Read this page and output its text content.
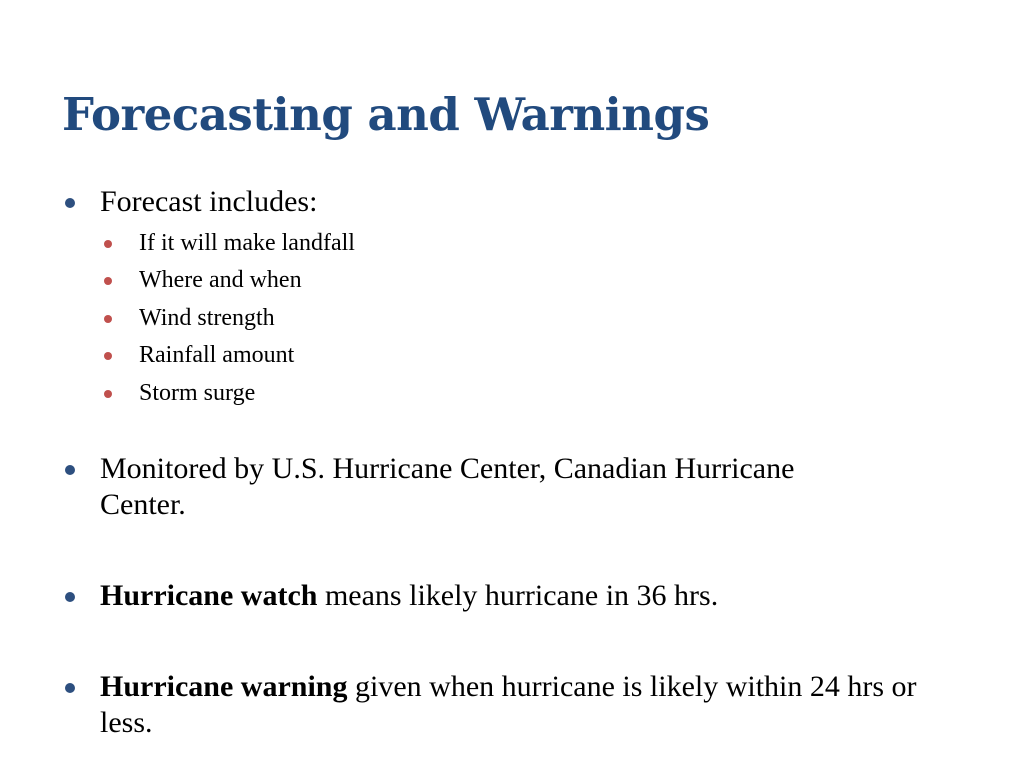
Forecasting and Warnings
Forecast includes:
If it will make landfall
Where and when
Wind strength
Rainfall amount
Storm surge
Monitored by U.S. Hurricane Center, Canadian Hurricane Center.
Hurricane watch means likely hurricane in 36 hrs.
Hurricane warning given when hurricane is likely within 24 hrs or less.
